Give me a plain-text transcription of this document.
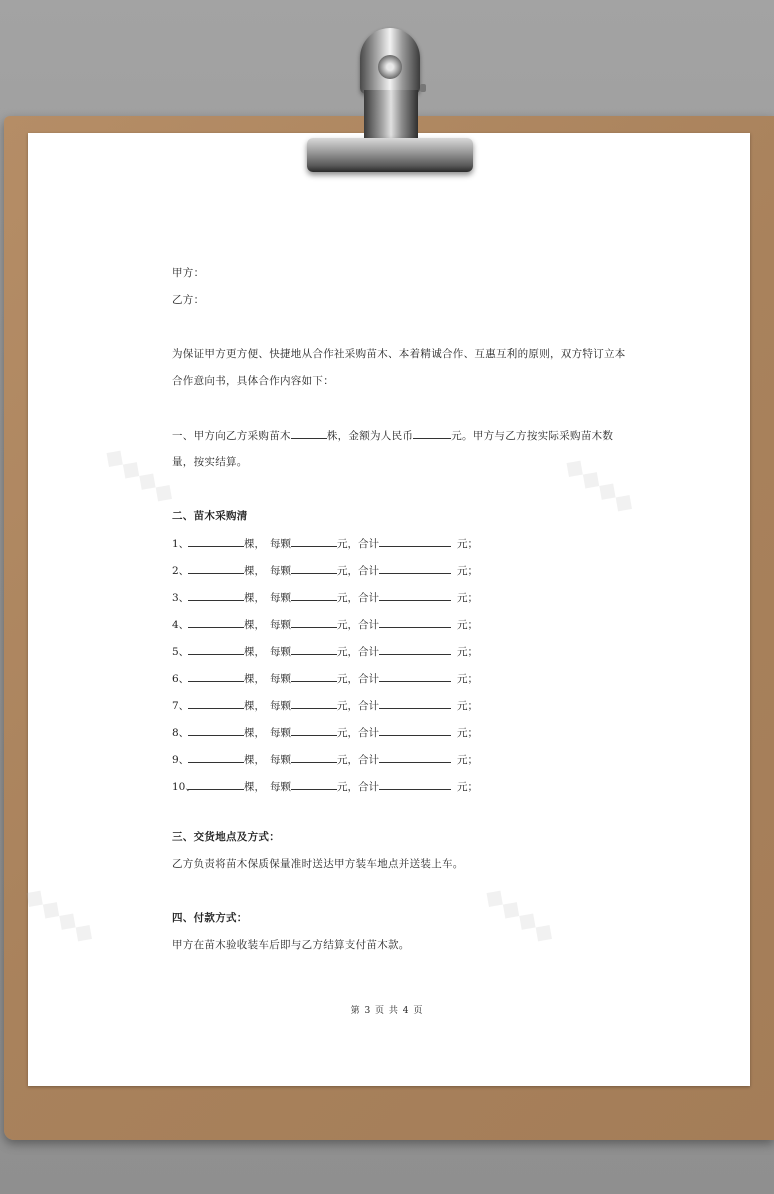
◆◆◆◆	◆◆◆◆
◆◆◆◆	◆◆◆◆
甲方：
乙方：
为保证甲方更方便、快捷地从合作社采购苗木、本着精诚合作、互惠互利的原则，双方特订立本
合作意向书，具体合作内容如下：
一、甲方向乙方采购苗木	株，金额为人民币	元。甲方与乙方按实际采购苗木数
量，按实结算。
二、苗木采购清
1、	棵， 每颗	元，合计	元；
2、	棵， 每颗	元，合计	元；
3、	棵， 每颗	元，合计	元；
4、	棵， 每颗	元，合计	元；
5、	棵， 每颗	元，合计	元；
6、	棵， 每颗	元，合计	元；
7、	棵， 每颗	元，合计	元；
8、	棵， 每颗	元，合计	元；
9、	棵， 每颗	元，合计	元；
10、	棵， 每颗	元，合计	元；
三、交货地点及方式：
乙方负责将苗木保质保量准时送达甲方装车地点并送装上车。
四、付款方式：
甲方在苗木验收装车后即与乙方结算支付苗木款。
第 3 页 共 4 页
